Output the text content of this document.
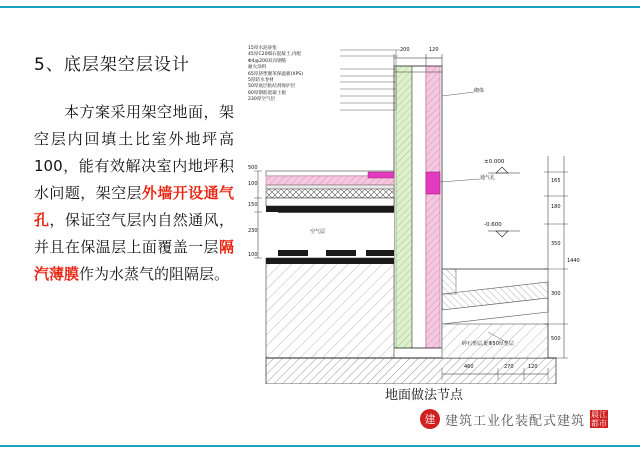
5、底层架空层设计
本方案采用架空地面，架空层内回填土比室外地坪高100，能有效解决室内地坪积水问题，架空层外墙开设通气孔，保证空气层内自然通风，并且在保温层上面覆盖一层隔汽薄膜作为水蒸气的阻隔层。
15厚水泥砂浆
45厚C20细石混凝土,内配
Φ4@200双向钢筋
耐火涂料
65厚挤塑聚苯保温板(XPS)
5厚防水卷材
50厚底层粘结剂保护层
60厚钢筋混凝土板
230厚空气层
200	120
±0.000
-0.600
165
180
350
300
500
1440
500
100
150
230
100
460	270	120
通气孔
空气层
砌体
碎石垫层,配Φ50厚垫层
地面做法节点
建 建筑工业化装配式建筑 晨江 都市
